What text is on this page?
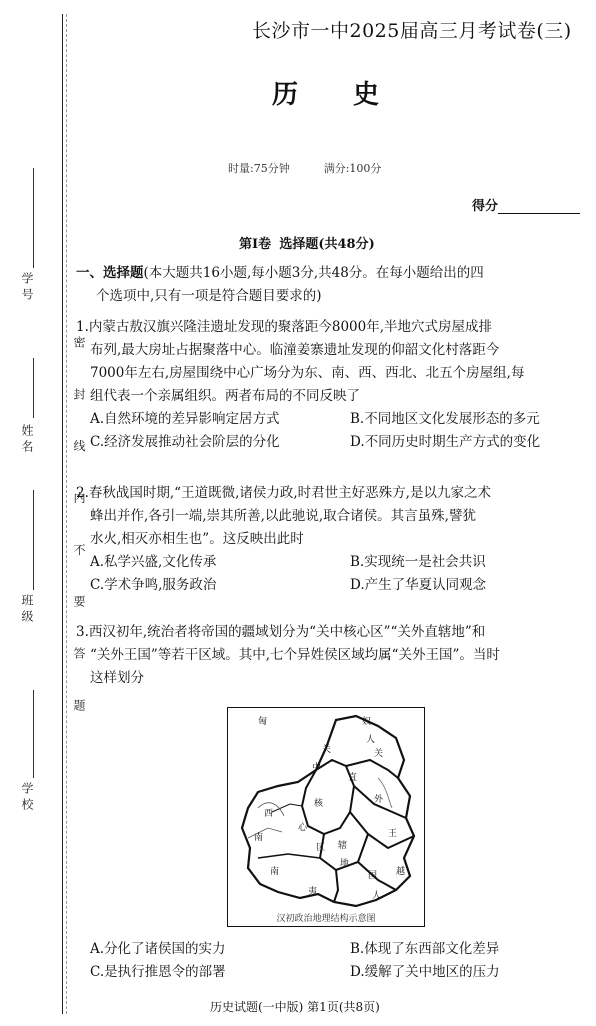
学 号
姓 名
班 级
学 校
密 封 线 内 不 要 答 题
长沙市一中2025届高三月考试卷(三)
历史
时量:75分钟	满分:100分
得分
第Ⅰ卷 选择题(共48分)
一、选择题(本大题共16小题,每小题3分,共48分。在每小题给出的四
个选项中,只有一项是符合题目要求的)
1.内蒙古敖汉旗兴隆洼遗址发现的聚落距今8000年,半地穴式房屋成排
布列,最大房址占据聚落中心。临潼姜寨遗址发现的仰韶文化村落距今
7000年左右,房屋围绕中心广场分为东、南、西、西北、北五个房屋组,每
组代表一个亲属组织。两者布局的不同反映了
A.自然环境的差异影响定居方式	B.不同地区文化发展形态的多元
C.经济发展推动社会阶层的分化	D.不同历史时期生产方式的变化
2.春秋战国时期,“王道既微,诸侯力政,时君世主好恶殊方,是以九家之术
蜂出并作,各引一端,崇其所善,以此驰说,取合诸侯。其言虽殊,譬犹
水火,相灭亦相生也”。这反映出此时
A.私学兴盛,文化传承	B.实现统一是社会共识
C.学术争鸣,服务政治	D.产生了华夏认同观念
3.西汉初年,统治者将帝国的疆域划分为“关中核心区”“关外直辖地”和
“关外王国”等若干区域。其中,七个异姓侯区域均属“关外王国”。当时
这样划分
匈	奴
人
关
中
关
外
直
辖
地
西
南
核
心
区
王
国 越
南
夷	人
汉初政治地理结构示意图
A.分化了诸侯国的实力	B.体现了东西部文化差异
C.是执行推恩令的部署	D.缓解了关中地区的压力
历史试题(一中版) 第1页(共8页)
